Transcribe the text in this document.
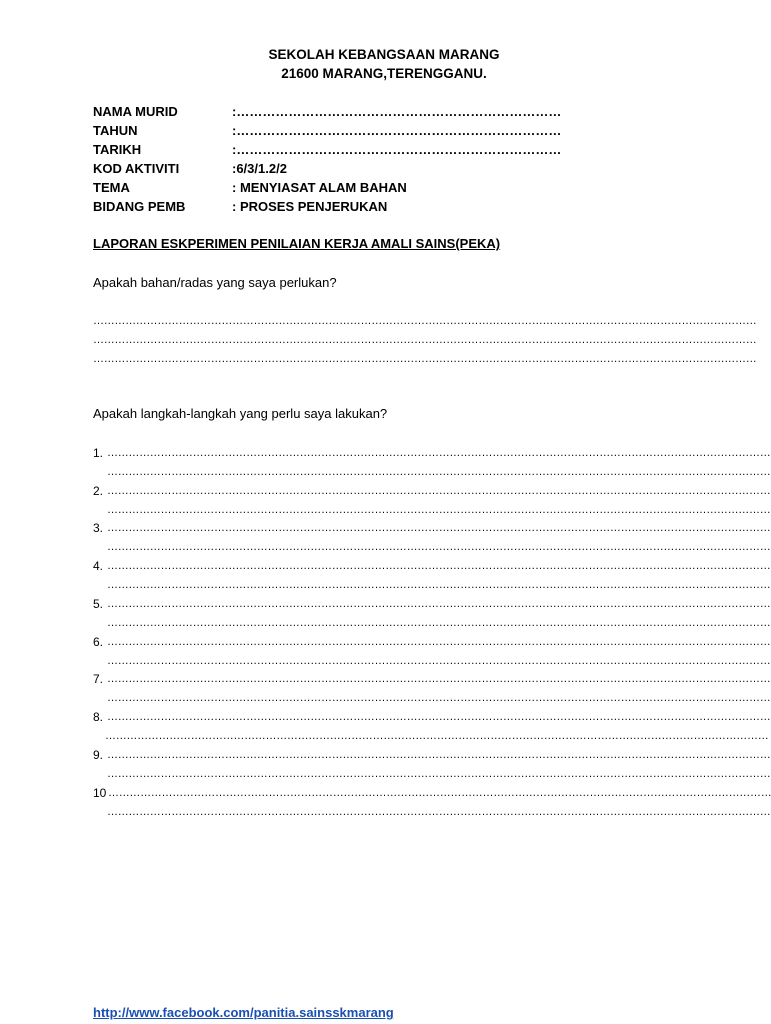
SEKOLAH KEBANGSAAN MARANG
21600 MARANG,TERENGGANU.
NAMA MURID	:…………………………………………………………………
TAHUN	:…………………………………………………………………
TARIKH	:…………………………………………………………………
KOD AKTIVITI	:6/3/1.2/2
TEMA	: MENYIASAT ALAM BAHAN
BIDANG PEMB	: PROSES PENJERUKAN
LAPORAN ESKPERIMEN PENILAIAN KERJA AMALI SAINS(PEKA)
Apakah bahan/radas yang saya perlukan?
……………………………………………………………………………………………………………………………………………………………………
……………………………………………………………………………………………………………………………………………………………………
……………………………………………………………………………………………………………………………………………………………………
Apakah langkah-langkah yang perlu saya lakukan?
1. ……………………………………………………………………………………………………………………………………………………………………
……………………………………………………………………………………………………………………………………………………………………
2. ……………………………………………………………………………………………………………………………………………………………………
……………………………………………………………………………………………………………………………………………………………………
3. ……………………………………………………………………………………………………………………………………………………………………
……………………………………………………………………………………………………………………………………………………………………
4. ……………………………………………………………………………………………………………………………………………………………………
……………………………………………………………………………………………………………………………………………………………………
5. ……………………………………………………………………………………………………………………………………………………………………
……………………………………………………………………………………………………………………………………………………………………
6. ……………………………………………………………………………………………………………………………………………………………………
……………………………………………………………………………………………………………………………………………………………………
7. ……………………………………………………………………………………………………………………………………………………………………
……………………………………………………………………………………………………………………………………………………………………
8. ……………………………………………………………………………………………………………………………………………………………………
……………………………………………………………………………………………………………………………………………………………………
9. ……………………………………………………………………………………………………………………………………………………………………
……………………………………………………………………………………………………………………………………………………………………
10 ……………………………………………………………………………………………………………………………………………………………………
……………………………………………………………………………………………………………………………………………………………………
http://www.facebook.com/panitia.sainsskmarang
